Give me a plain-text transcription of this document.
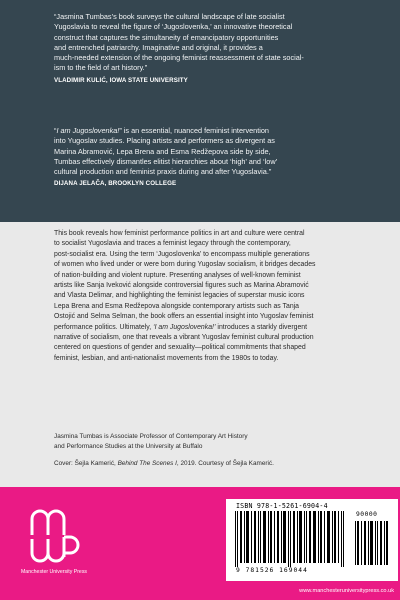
“Jasmina Tumbas’s book surveys the cultural landscape of late socialist
Yugoslavia to reveal the figure of ‘Jugoslovenka,’ an innovative theoretical
construct that captures the simultaneity of emancipatory opportunities
and entrenched patriarchy. Imaginative and original, it provides a
much-needed extension of the ongoing feminist reassessment of state social-
ism to the field of art history.”
VLADIMIR KULIĆ, IOWA STATE UNIVERSITY
“I am Jugoslovenka!” is an essential, nuanced feminist intervention
into Yugoslav studies. Placing artists and performers as divergent as
Marina Abramović, Lepa Brena and Esma Redžepova side by side,
Tumbas effectively dismantles elitist hierarchies about ‘high’ and ‘low’
cultural production and feminist praxis during and after Yugoslavia.”
DIJANA JELAČA, BROOKLYN COLLEGE
This book reveals how feminist performance politics in art and culture were central
to socialist Yugoslavia and traces a feminist legacy through the contemporary,
post-socialist era. Using the term ‘Jugoslovenka’ to encompass multiple generations
of women who lived under or were born during Yugoslav socialism, it bridges decades
of nation-building and violent rupture. Presenting analyses of well-known feminist
artists like Sanja Iveković alongside controversial figures such as Marina Abramović
and Vlasta Delimar, and highlighting the feminist legacies of superstar music icons
Lepa Brena and Esma Redžepova alongside contemporary artists such as Tanja
Ostojić and Selma Selman, the book offers an essential insight into Yugoslav feminist
performance politics. Ultimately, ‘I am Jugoslovenka!’ introduces a starkly divergent
narrative of socialism, one that reveals a vibrant Yugoslav feminist cultural production
centered on questions of gender and sexuality—political commitments that shaped
feminist, lesbian, and anti-nationalist movements from the 1980s to today.
Jasmina Tumbas is Associate Professor of Contemporary Art History
and Performance Studies at the University at Buffalo
Cover: Šejla Kamerić, Behind The Scenes I, 2019. Courtesy of Šejla Kamerić.
Manchester University Press
ISBN 978-1-5261-6904-4
9 781526 169044
90000
www.manchesteruniversitypress.co.uk
